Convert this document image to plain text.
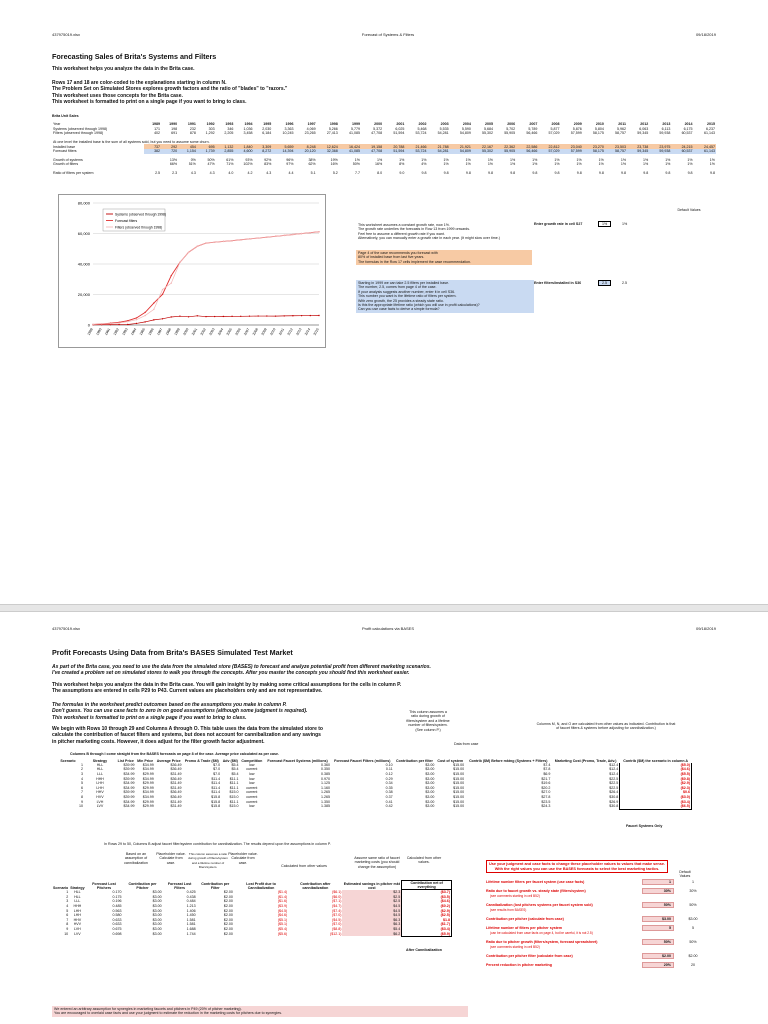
437975019.xlsx	Forecast of Systems & Filters	09/18/2019
Forecasting Sales of Brita's Systems and Filters
This worksheet helps you analyze the data in the Brita case.
Rows 17 and 18 are color-coded to the explanations starting in column N.
The Problem Set on Simulated Stores explores growth factors and the ratio of "blades" to "razors."
This worksheet uses those concepts for the Brita case.
This worksheet is formatted to print on a single page if you want to bring to class.
Brita Unit Sales
Year	1989	1990	1991	1992	1993	1994	1995	1996	1997	1998	1999	2000	2001	2002	2003	2004	2005	2006	2007	2008	2009	2010	2011	2012	2013	2014	2015
Systems (observed through 1998)	171	198	232	303	346	1,036	2,030	3,363	4,069	5,266	5,779	5,372	6,025	5,468	5,535	5,590	5,684	5,702	5,789	5,877	5,876	5,804	5,962	6,063	6,113	6,175	6,237
Filters (observed through 1998)	402	691	878	1,292	2,205	3,458	6,184	10,245	23,265	27,413	41,085	47,708	51,594	53,724	54,281	54,809	55,302	55,905	56,466	57,029	57,599	58,175	58,757	59,345	59,938	60,537	61,143
At one level the installed base is the sum of all systems sold, but you need to assume some churn.																											
Installed base	737	292	454	695	1,132	1,840	3,309	5,659	8,248	12,624	16,424	19,158	20,788	21,466	21,788	21,921	22,167	22,362	22,586	22,812	23,040	23,270	23,503	23,738	23,975	24,215	24,457
Forecast filters	382	720	1,154	1,739	2,855	4,600	8,272	14,394	20,120	32,368	41,085	47,708	51,594	53,724	54,281	54,809	55,302	55,905	56,466	57,029	57,599	58,175	58,757	59,345	59,938	60,537	61,143

Growth of systems		13%	0%	50%	61%	93%	92%	96%	38%	19%	1%	1%	1%	1%	1%	1%	1%	1%	1%	1%	1%	1%	1%	1%	1%	1%	1%
Growth of filters		66%	51%	47%	71%	102%	83%	97%	62%	16%	50%	16%	8%	4%	1%	1%	1%	1%	1%	1%	1%	1%	1%	1%	1%	1%	1%

Ratio of filters per system	2.5	2.3	4.3	4.3	4.0	4.2	4.3	4.4	5.1	5.2	7.7	8.0	9.0	9.8	9.8	9.8	9.8	9.8	9.8	9.8	9.8	9.8	9.8	9.8	9.8	9.8	9.8
0
20,000
40,000
60,000
80,000
1989 1990 1991 1992 1993 1994 1995 1996 1997 1998 1999 2000 2001 2002 2003 2004 2005 2006 2007 2008 2009 2010 2011 2012 2013 2014 2015
Systems (observed through 1998)
Forecast filters
Filters (observed through 1998)
Default Values
This worksheet assumes a constant growth rate, now 1%.
The growth rate underlies the forecasts in Row 13 from 1999 onwards.
Feel free to assume a different growth rate if you want.
Alternatively, you can manually enter a growth rate in each year. (It might slow over time.)
Enter growth rate in cell S27	1%	1%
Page 4 of the case recommends you forecast with
80% of installed base from last five years.
The formulas in the Row 17 cells implement the case recommendation.
Starting in 1999 we can take 2.5 filters per installed base.
The number, 2.5, comes from page 4 of the case.
If your analysis suggests another number, enter it in cell S36.
This number you want is the lifetime ratio of filters per system.
With zero growth, the 25 provides a steady state ratio.
Is this the appropriate lifetime ratio (which you will use in profit calculations)?
Can you use case facts to derive a simple formula?
Enter filters/installed in S36	2.5	2.5
437975019.xlsx	Profit calculations via BASES	09/18/2019
Profit Forecasts Using Data from Brita's BASES Simulated Test Market
As part of the Brita case, you need to use the data from the simulated store (BASES) to forecast and analyze potential profit from different marketing scenarios.
I've created a problem set on simulated stores to walk you through the concepts. After you master the concepts you should find this worksheet easier.
This worksheet helps you analyze the data in the Brita case. You will gain insight by by making some critical assumptions for the cells in column P.
The assumptions are entered in cells P29 to P43. Current values are placeholders only and are not representative.
The formulas in the worksheet predict outcomes based on the assumptions you make in column P.
Don't guess. You can use case facts to zero in on good assumptions (although some judgment is required).
This worksheet is formatted to print on a single page if you want to bring to class.
We begin with Rows 10 through 29 and Columns A through O. This table uses the data from the simulated store to
calculate the contribution of faucet filters and systems, but does not account for cannibalization and any savings
in pitcher marketing costs. However, it does adjust for the filter growth factor adjustment.
This column assumes a ratio during growth of filters/system and a lifetime number of filters/system. (See column P.)
Columns M, N, and O are calculated from other values as indicated. Contribution is that of faucet filters & systems before adjusting for cannibalization.)
Data from case
Columns B through I come straight from the BASES forecasts on page 8 of the case. Average price calculated as per case.
Scenario	Strategy	List Price	Min Price	Average Price	Promo & Trade ($M)	Adv ($M)	Competition	Forecast Faucet Systems (millions)	Forecast Faucet Filters (millions)	Contribution per filter	Cost of system	Contrib ($M) Before mktng (Systems + Filters)	Marketing Cost (Promo, Trade, Adv.)	Contrib ($M) the scenario in column A
1	HLL	$39.99	$34.99	$36.49	$7.0	$5.4	low	0.360	0.10	$3.00	$15.00	$7.4	$12.4	($5.0)
2	HLL	$39.99	$34.99	$36.49	$7.0	$5.4	current	0.350	0.11	$3.00	$15.00	$7.8	$12.4	($4.6)
3	LLL	$34.99	$29.99	$31.49	$7.0	$5.4	low	0.385	0.12	$3.00	$15.00	$6.9	$12.4	($5.5)
4	HHH	$39.99	$34.99	$36.49	$11.4	$11.1	low	0.970	0.29	$3.00	$15.00	$21.7	$22.5	($0.8)
5	LHH	$34.99	$29.99	$31.49	$11.4	$11.1	low	1.125	0.34	$3.00	$15.00	$19.6	$22.5	($2.9)
6	LHH	$34.99	$29.99	$31.49	$11.4	$11.1	current	1.160	0.35	$3.00	$15.00	$20.2	$22.5	($2.3)
7	HHV	$39.99	$34.99	$36.49	$11.4	$15.0	current	1.265	0.38	$3.00	$15.00	$27.0	$26.4	$0.6
8	HVV	$39.99	$34.99	$36.49	$15.8	$15.0	current	1.265	0.37	$3.00	$15.00	$27.8	$30.8	($3.0)
9	LVH	$34.99	$29.99	$31.49	$15.8	$11.1	current	1.350	0.41	$3.00	$15.00	$23.5	$26.9	($3.4)
10	LVV	$34.99	$29.99	$31.49	$15.8	$15.0	low	1.385	0.42	$3.00	$15.00	$24.3	$30.8	($6.5)
Faucet Systems Only
In Rows 29 to 50, Columns B adjust faucet filter/system contribution for cannibalization. The results depend upon the assumptions in column P.
Based on an assumption of cannibalization
Placeholder value. Calculate from case.
This column assumes a ratio during growth of filters/system and a lifetime number of filters/system.
Placeholder value. Calculate from case.
Calculated from other values
Assume same ratio of faucet marketing costs (you should change the assumption)
Calculated from other values.
Scenario	Strategy	Forecast Lost Pitchers	Contribution per Pitcher	Forecast Lost Filters	Contribution per Filter	Lost Profit due to Cannibalization	Contribution after cannibalization	Estimated savings in pitcher mkt cost	Contribution net of everything
1	HLL	0.170	$3.00	0.425	$2.00	($1.4)	($6.1)	$2.3	($3.7)
2	HLL	0.175	$3.00	0.438	$2.00	($1.4)	($6.0)	$2.5	($3.5)
3	LLL	0.196	$3.00	0.484	$2.00	($1.6)	($7.1)	$2.5	($4.6)
4	HHH	0.485	$3.00	1.213	$2.00	($3.9)	($4.7)	$4.5	($0.2)
5	LHH	0.563	$3.00	1.406	$2.00	($4.5)	($7.4)	$4.5	($2.9)
6	LHH	0.580	$3.00	1.450	$2.00	($4.6)	($7.0)	$4.5	($2.5)
7	HHV	0.633	$3.00	1.581	$2.00	($5.1)	($4.5)	$6.3	$1.8
8	HVV	0.633	$3.00	1.581	$2.00	($5.1)	($7.0)	$6.3	($1.7)
9	LVH	0.675	$3.00	1.688	$2.00	($5.4)	($8.8)	$5.4	($3.4)
10	LVV	0.698	$3.00	1.744	$2.00	($5.6)	($12.1)	$6.2	($5.9)
After Cannibalization
Use your judgment and case facts to change these placeholder values to values that make sense. With the right values you can use the BASES forecasts to select the best marketing tactics.
Default Values
Lifetime number filters per faucet system (use case facts)	1	1
Ratio due to faucet growth vs. steady state (filters/system)	30%	30%
(see comments starting in cell B52)
Cannibalization (lost pitchers systems per faucet system sold)	50%	50%
(see results from BASES)
Contribution per pitcher (calculate from case)	$3.00	$3.00
Lifetime number of filters per pitcher system	5	5
(can be calculated from case facts on page 4, but be careful, it is not 2.5)
Ratio due to pitcher growth (filters/system, forecast spreadsheet)	50%	50%
(see comments starting in cell B52)
Contribution per pitcher filter (calculate from case)	$2.00	$2.00
Percent reduction in pitcher marketing	20%	20
We entered an arbitrary assumption for synergies in marketing faucets and pitchers in P49 (20% of pitcher marketing).
You are encouraged to overlaid case facts and use your judgment to estimate the reduction in the marketing costs for pitchers due to synergies.
